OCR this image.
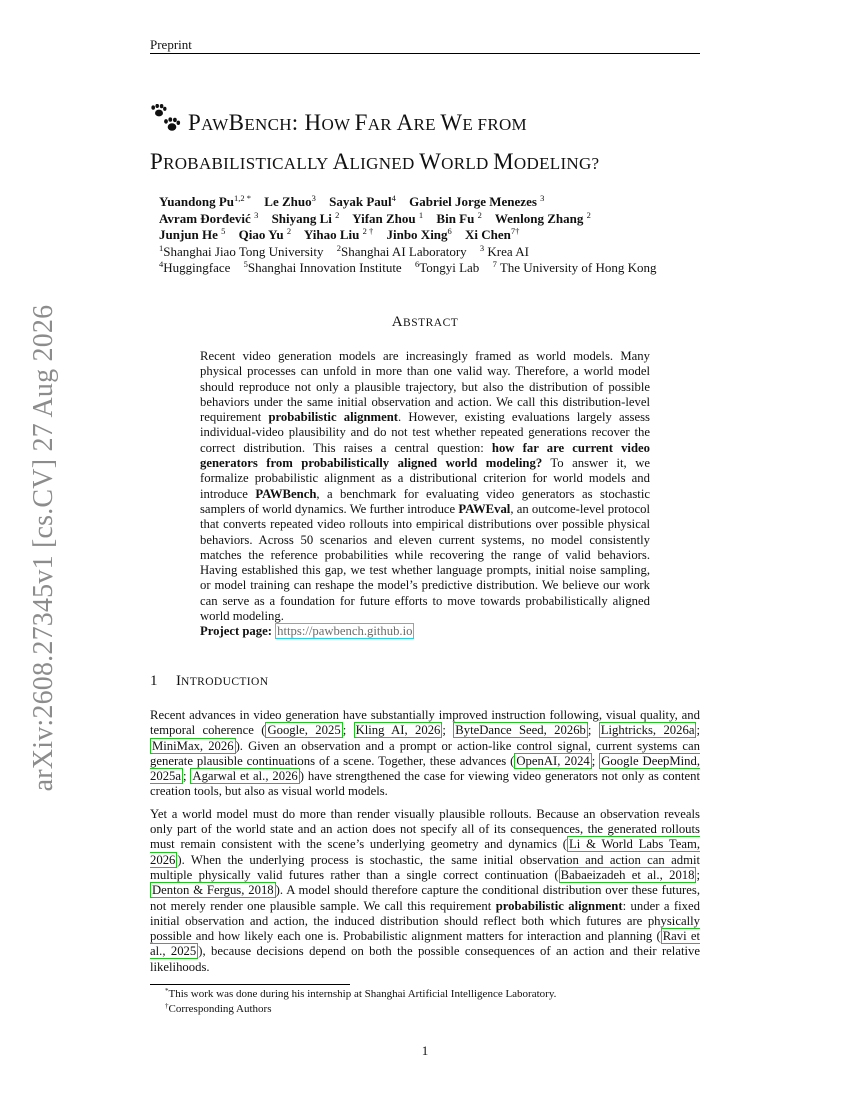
Preprint
arXiv:2608.27345v1 [cs.CV] 27 Aug 2026
PAWBENCH: HOW FAR ARE WE FROM
PROBABILISTICALLY ALIGNED WORLD MODELING?
Yuandong Pu$^{1,2}$ * Le Zhuo$^3$ Sayak Paul$^4$ Gabriel Jorge Menezes $^3$
Avram Đorđević $^3$ Shiyang Li $^2$ Yifan Zhou $^1$ Bin Fu $^2$ Wenlong Zhang $^2$
Junjun He $^5$ Qiao Yu $^2$ Yihao Liu $^{2 \dagger}$ Jinbo Xing$^6$ Xi Chen$^{7\dagger}$
$^1$Shanghai Jiao Tong University $^2$Shanghai AI Laboratory $^3$ Krea AI
$^4$Huggingface $^5$Shanghai Innovation Institute $^6$Tongyi Lab $^7$ The University of Hong Kong
ABSTRACT
Recent video generation models are increasingly framed as world models. Many physical processes can unfold in more than one valid way. Therefore, a world model should reproduce not only a plausible trajectory, but also the distribution of possible behaviors under the same initial observation and action. We call this distribution-level requirement probabilistic alignment. However, existing evaluations largely assess individual-video plausibility and do not test whether repeated generations recover the correct distribution. This raises a central question: how far are current video generators from probabilistically aligned world modeling? To answer it, we formalize probabilistic alignment as a distributional criterion for world models and introduce PAWBench, a benchmark for evaluating video generators as stochastic samplers of world dynamics. We further introduce PAWEval, an outcome-level protocol that converts repeated video rollouts into empirical distributions over possible physical behaviors. Across 50 scenarios and eleven current systems, no model consistently matches the reference probabilities while recovering the range of valid behaviors. Having established this gap, we test whether language prompts, initial noise sampling, or model training can reshape the model’s predictive distribution. We believe our work can serve as a foundation for future efforts to move towards probabilistically aligned world modeling.
Project page: https://pawbench.github.io
1 INTRODUCTION

Recent advances in video generation have substantially improved instruction following, visual quality, and temporal coherence ( Google, 2025 ; Kling AI, 2026 ; ByteDance Seed, 2026b ; Lightricks, 2026a ; MiniMax, 2026 ). Given an observation and a prompt or action-like control signal, current systems can generate plausible continuations of a scene. Together, these advances ( OpenAI, 2024 ; Google DeepMind, 2025a ; Agarwal et al., 2026 ) have strengthened the case for viewing video generators not only as content creation tools, but also as visual world models.

Yet a world model must do more than render visually plausible rollouts. Because an observation reveals only part of the world state and an action does not specify all of its consequences, the generated rollouts must remain consistent with the scene’s underlying geometry and dynamics ( Li & World Labs Team, 2026 ). When the underlying process is stochastic, the same initial observation and action can admit multiple physically valid futures rather than a single correct continuation ( Babaeizadeh et al., 2018 ; Denton & Fergus, 2018 ). A model should therefore capture the conditional distribution over these futures, not merely render one plausible sample. We call this requirement probabilistic alignment: under a fixed initial observation and action, the induced distribution should reflect both which futures are physically possible and how likely each one is. Probabilistic alignment matters for interaction and planning ( Ravi et al., 2025 ), because decisions depend on both the possible consequences of an action and their relative likelihoods.

*This work was done during his internship at Shanghai Artificial Intelligence Laboratory.
†Corresponding Authors
1
